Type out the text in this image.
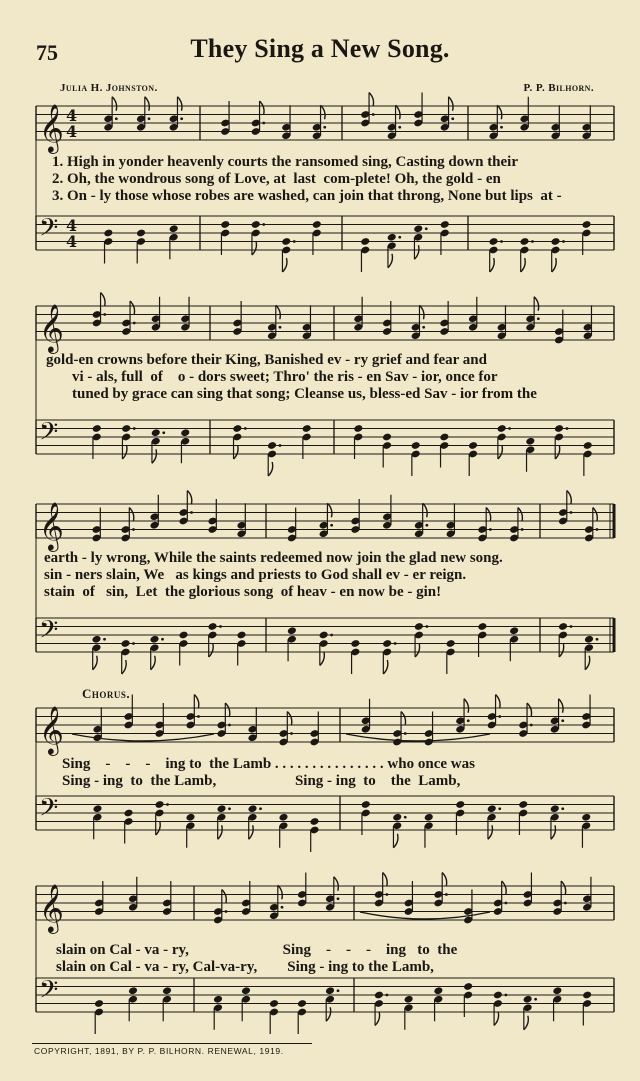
75	They Sing a New Song.
Julia H. Johnston.	P. P. Bilhorn.
𝄞 4
4
𝄢 4
4
1. High in yonder heavenly courts the ransomed sing, Casting down their
2. Oh, the wondrous song of Love, at  last  com-plete! Oh, the gold - en
3. On - ly those whose robes are washed, can join that throng, None but lips  at -
𝄞
𝄢
gold-en crowns before their King, Banished ev - ry grief and fear and
vi - als, full  of    o - dors sweet; Thro' the ris - en Sav - ior, once for
tuned by grace can sing that song; Cleanse us, bless-ed Sav - ior from the
𝄞
𝄢
earth - ly wrong, While the saints redeemed now join the glad new song.
sin - ners slain, We   as kings and priests to God shall ev - er reign.
stain  of   sin,  Let  the glorious song  of heav - en now be - gin!
Chorus.
𝄞
𝄢
Sing    -    -    -    ing to  the Lamb . . . . . . . . . . . . . . . who once was
Sing - ing  to  the Lamb,                     Sing - ing  to    the  Lamb,
𝄞
𝄢
slain on Cal - va - ry,                         Sing    -    -    -    ing   to  the
slain on Cal - va - ry, Cal-va-ry,        Sing - ing to the Lamb,
COPYRIGHT, 1891, BY P. P. BILHORN. RENEWAL, 1919.
